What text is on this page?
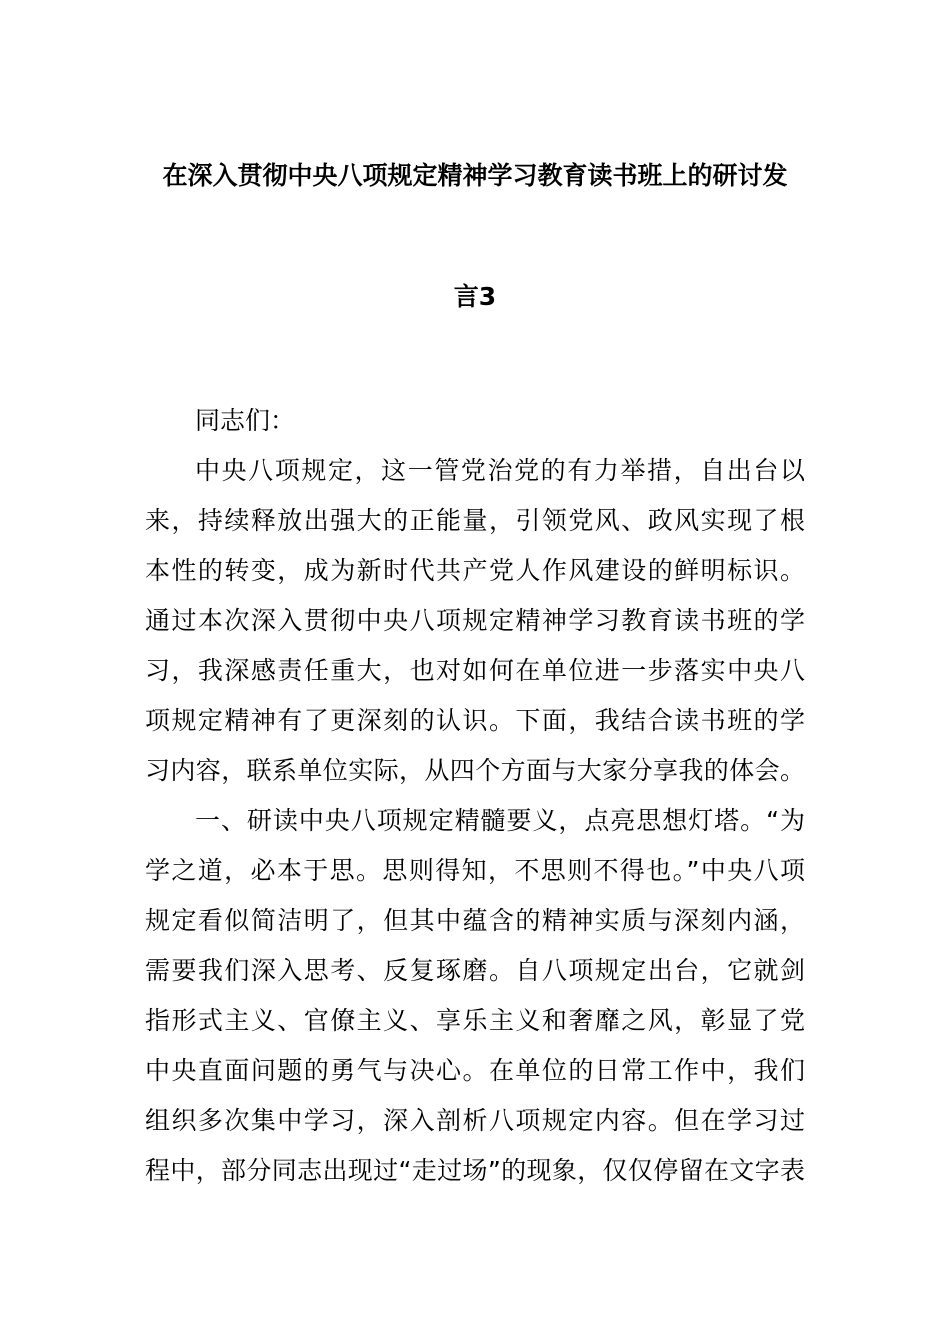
在深入贯彻中央八项规定精神学习教育读书班上的研讨发
言3
同志们：
中央八项规定，这一管党治党的有力举措，自出台以
来，持续释放出强大的正能量，引领党风、政风实现了根
本性的转变，成为新时代共产党人作风建设的鲜明标识。
通过本次深入贯彻中央八项规定精神学习教育读书班的学
习，我深感责任重大，也对如何在单位进一步落实中央八
项规定精神有了更深刻的认识。下面，我结合读书班的学
习内容，联系单位实际，从四个方面与大家分享我的体会。
一、研读中央八项规定精髓要义，点亮思想灯塔。“为
学之道，必本于思。思则得知，不思则不得也。”中央八项
规定看似简洁明了，但其中蕴含的精神实质与深刻内涵，
需要我们深入思考、反复琢磨。自八项规定出台，它就剑
指形式主义、官僚主义、享乐主义和奢靡之风，彰显了党
中央直面问题的勇气与决心。在单位的日常工作中，我们
组织多次集中学习，深入剖析八项规定内容。但在学习过
程中，部分同志出现过“走过场”的现象，仅仅停留在文字表
